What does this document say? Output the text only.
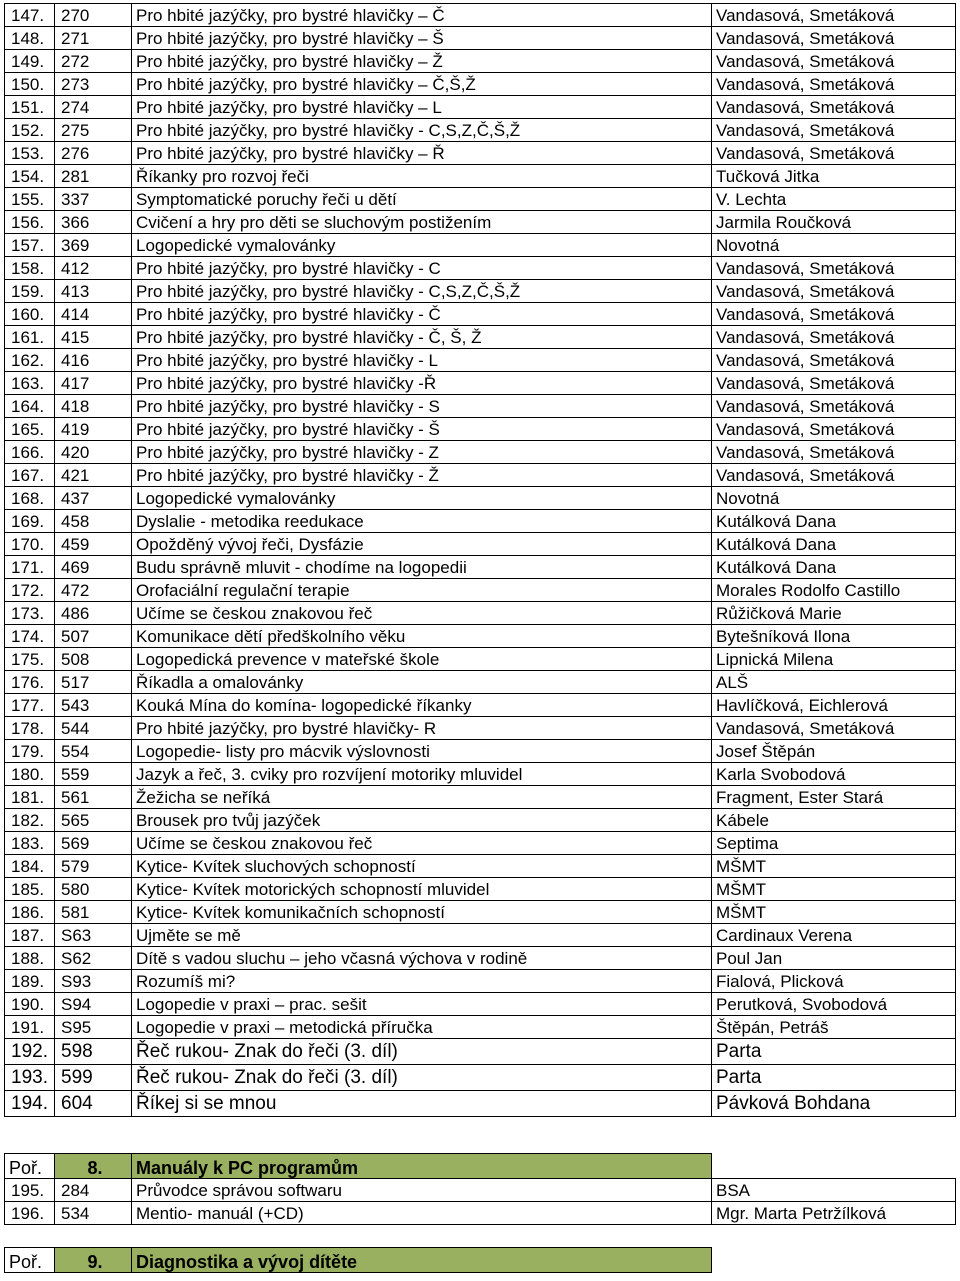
147.	270	Pro hbité jazýčky, pro bystré hlavičky – Č	Vandasová, Smetáková
148.	271	Pro hbité jazýčky, pro bystré hlavičky – Š	Vandasová, Smetáková
149.	272	Pro hbité jazýčky, pro bystré hlavičky – Ž	Vandasová, Smetáková
150.	273	Pro hbité jazýčky, pro bystré hlavičky – Č,Š,Ž	Vandasová, Smetáková
151.	274	Pro hbité jazýčky, pro bystré hlavičky – L	Vandasová, Smetáková
152.	275	Pro hbité jazýčky, pro bystré hlavičky - C,S,Z,Č,Š,Ž	Vandasová, Smetáková
153.	276	Pro hbité jazýčky, pro bystré hlavičky – Ř	Vandasová, Smetáková
154.	281	Říkanky pro rozvoj řeči	Tučková Jitka
155.	337	Symptomatické poruchy řeči u dětí	V. Lechta
156.	366	Cvičení a hry pro děti se sluchovým postižením	Jarmila Roučková
157.	369	Logopedické vymalovánky	Novotná
158.	412	Pro hbité jazýčky, pro bystré hlavičky - C	Vandasová, Smetáková
159.	413	Pro hbité jazýčky, pro bystré hlavičky - C,S,Z,Č,Š,Ž	Vandasová, Smetáková
160.	414	Pro hbité jazýčky, pro bystré hlavičky - Č	Vandasová, Smetáková
161.	415	Pro hbité jazýčky, pro bystré hlavičky - Č, Š, Ž	Vandasová, Smetáková
162.	416	Pro hbité jazýčky, pro bystré hlavičky - L	Vandasová, Smetáková
163.	417	Pro hbité jazýčky, pro bystré hlavičky -Ř	Vandasová, Smetáková
164.	418	Pro hbité jazýčky, pro bystré hlavičky - S	Vandasová, Smetáková
165.	419	Pro hbité jazýčky, pro bystré hlavičky - Š	Vandasová, Smetáková
166.	420	Pro hbité jazýčky, pro bystré hlavičky - Z	Vandasová, Smetáková
167.	421	Pro hbité jazýčky, pro bystré hlavičky - Ž	Vandasová, Smetáková
168.	437	Logopedické vymalovánky	Novotná
169.	458	Dyslalie - metodika reedukace	Kutálková Dana
170.	459	Opožděný vývoj řeči, Dysfázie	Kutálková Dana
171.	469	Budu správně mluvit - chodíme na logopedii	Kutálková Dana
172.	472	Orofaciální regulační terapie	Morales Rodolfo Castillo
173.	486	Učíme se českou znakovou řeč	Růžičková Marie
174.	507	Komunikace dětí předškolního věku	Bytešníková Ilona
175.	508	Logopedická prevence v mateřské škole	Lipnická Milena
176.	517	Říkadla a omalovánky	ALŠ
177.	543	Kouká Mína do komína- logopedické říkanky	Havlíčková, Eichlerová
178.	544	Pro hbité jazýčky, pro bystré hlavičky- R	Vandasová, Smetáková
179.	554	Logopedie- listy pro mácvik výslovnosti	Josef Štěpán
180.	559	Jazyk a řeč, 3. cviky pro rozvíjení motoriky mluvidel	Karla Svobodová
181.	561	Žežicha se neříká	Fragment, Ester Stará
182.	565	Brousek pro tvůj jazýček	Kábele
183.	569	Učíme se českou znakovou řeč	Septima
184.	579	Kytice- Kvítek sluchových schopností	MŠMT
185.	580	Kytice- Kvítek motorických schopností mluvidel	MŠMT
186.	581	Kytice- Kvítek komunikačních schopností	MŠMT
187.	S63	Ujměte se mě	Cardinaux Verena
188.	S62	Dítě s vadou sluchu – jeho včasná výchova v rodině	Poul Jan
189.	S93	Rozumíš mi?	Fialová, Plicková
190.	S94	Logopedie v praxi – prac. sešit	Perutková, Svobodová
191.	S95	Logopedie v praxi – metodická příručka	Štěpán, Petráš
192.	598	Řeč rukou- Znak do řeči (3. díl)	Parta
193.	599	Řeč rukou- Znak do řeči (3. díl)	Parta
194.	604	Říkej si se mnou	Pávková Bohdana
Poř.	8.	Manuály k PC programům	
195.	284	Průvodce správou softwaru	BSA
196.	534	Mentio- manuál (+CD)	Mgr. Marta Petržílková
Poř.	9.	Diagnostika a vývoj dítěte	
